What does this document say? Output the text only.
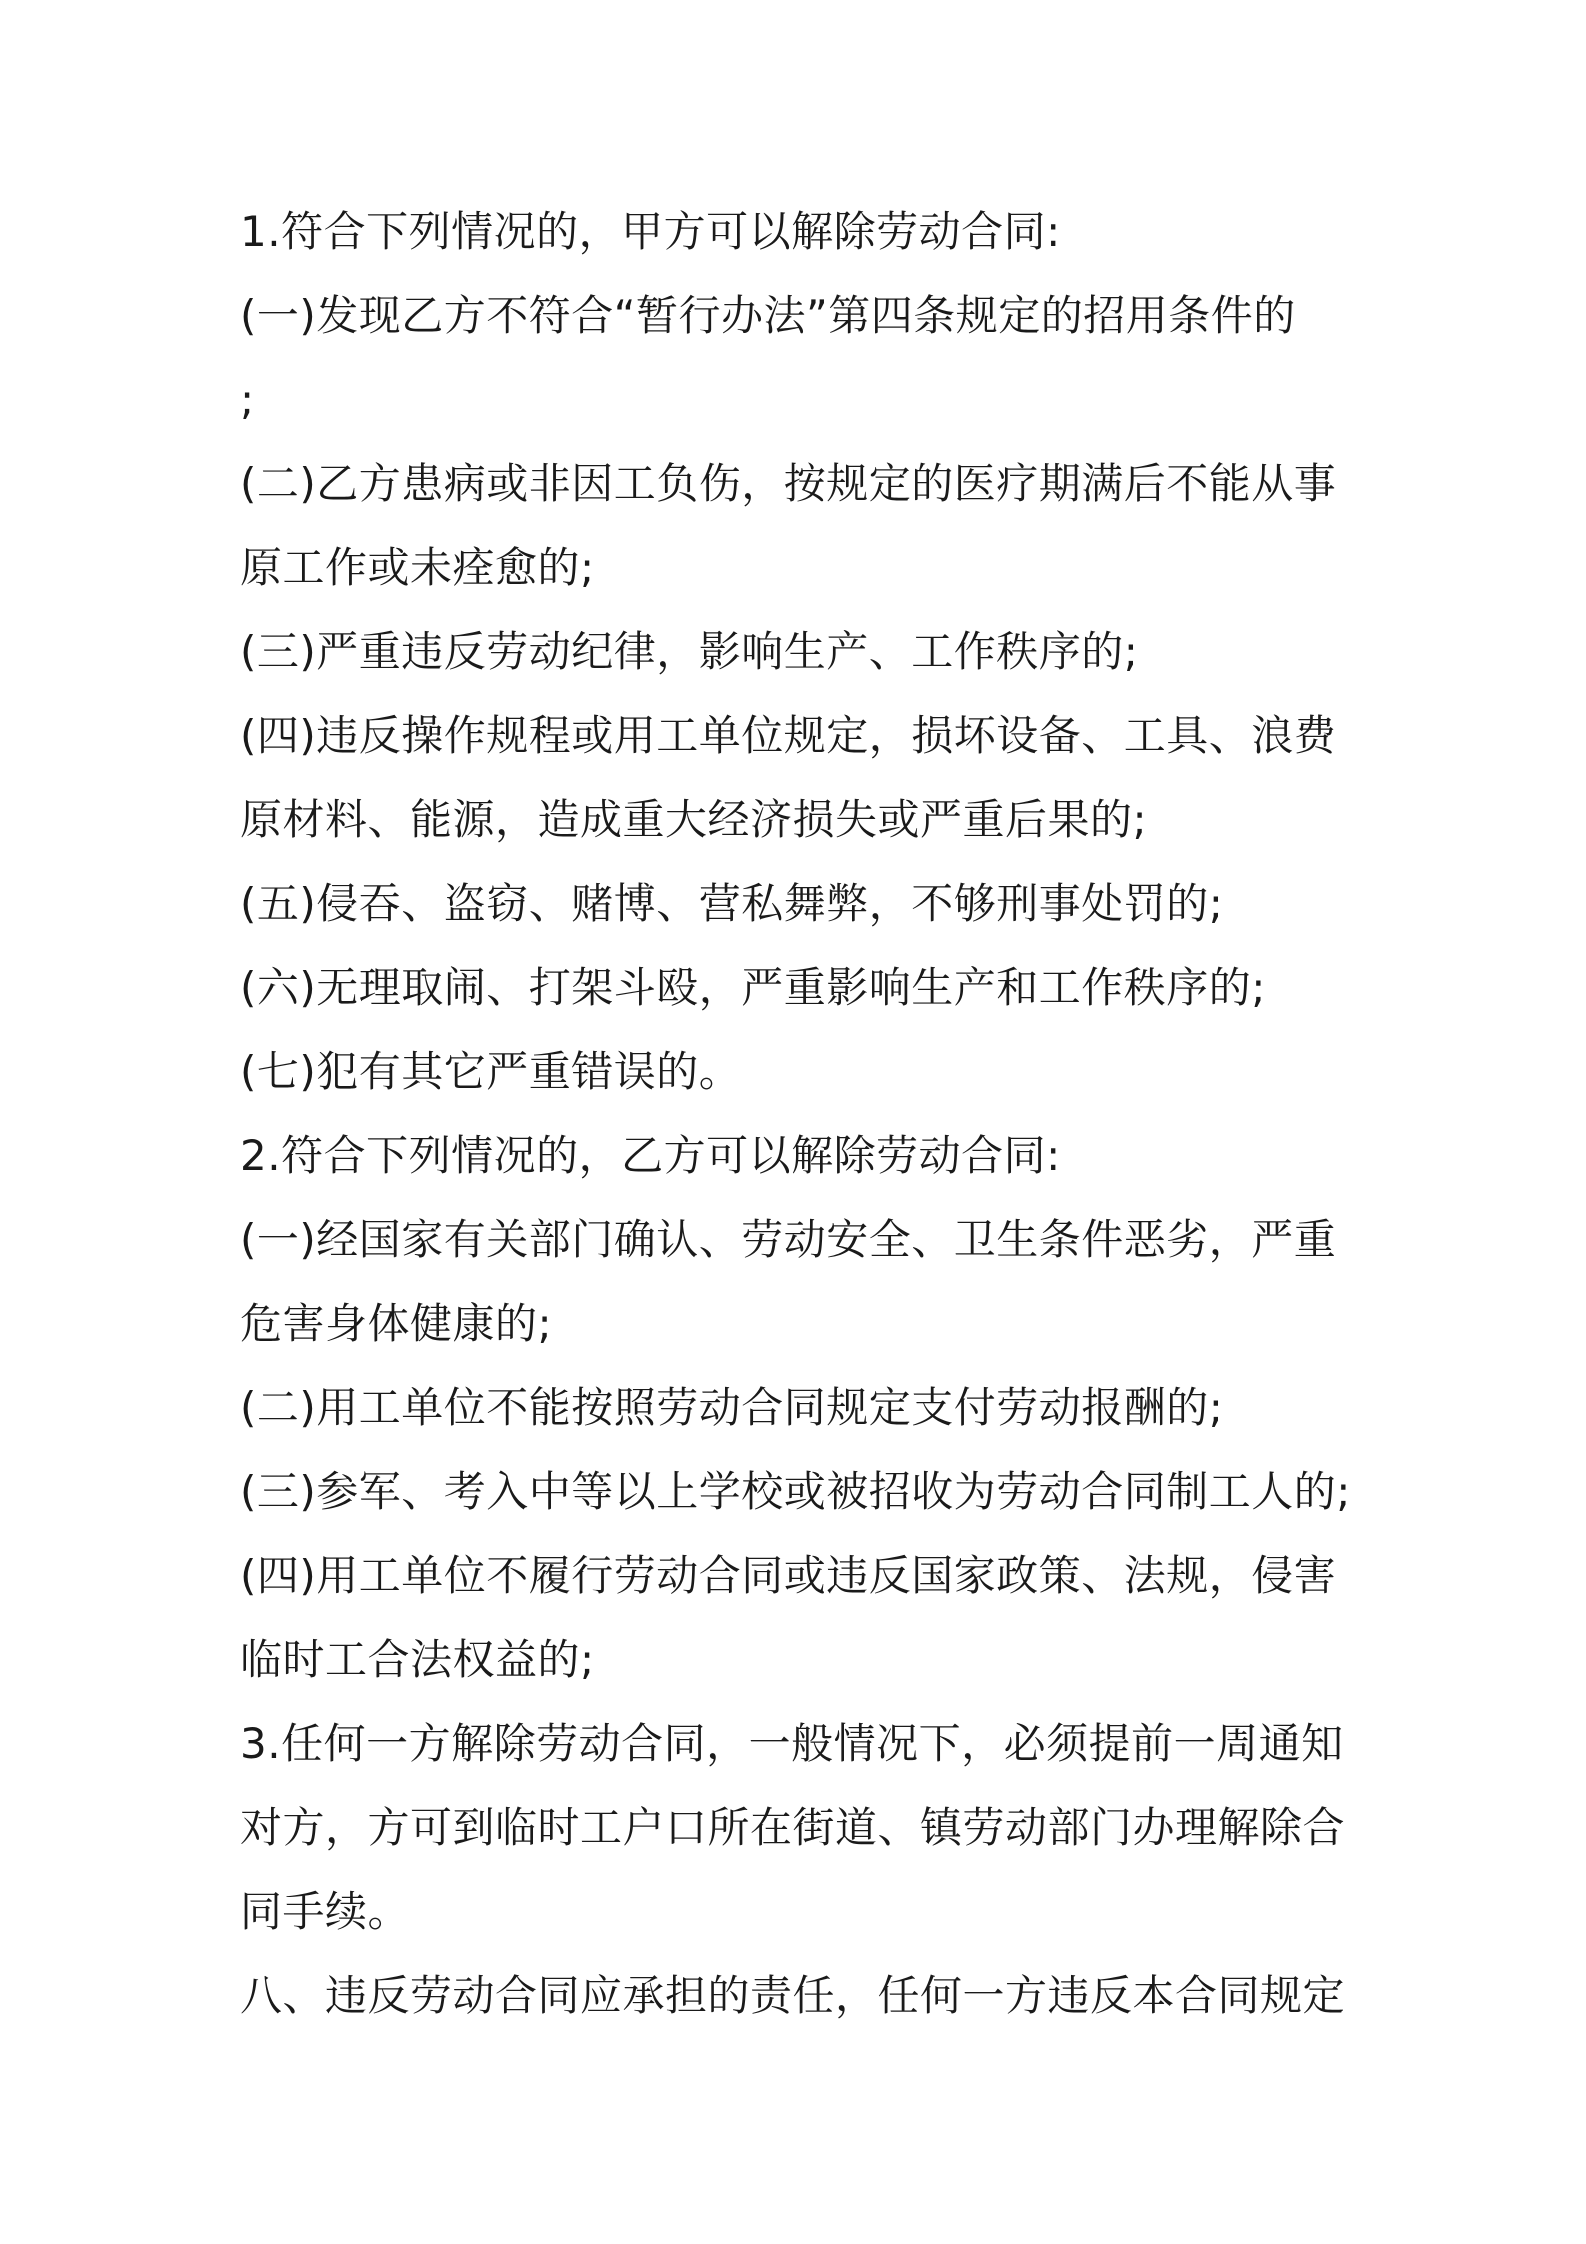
1.符合下列情况的，甲方可以解除劳动合同:
(一)发现乙方不符合“暂行办法”第四条规定的招用条件的
;
(二)乙方患病或非因工负伤，按规定的医疗期满后不能从事
原工作或未痊愈的;
(三)严重违反劳动纪律，影响生产、工作秩序的;
(四)违反操作规程或用工单位规定，损坏设备、工具、浪费
原材料、能源，造成重大经济损失或严重后果的;
(五)侵吞、盗窃、赌博、营私舞弊，不够刑事处罚的;
(六)无理取闹、打架斗殴，严重影响生产和工作秩序的;
(七)犯有其它严重错误的。
2.符合下列情况的，乙方可以解除劳动合同:
(一)经国家有关部门确认、劳动安全、卫生条件恶劣，严重
危害身体健康的;
(二)用工单位不能按照劳动合同规定支付劳动报酬的;
(三)参军、考入中等以上学校或被招收为劳动合同制工人的;
(四)用工单位不履行劳动合同或违反国家政策、法规，侵害
临时工合法权益的;
3.任何一方解除劳动合同，一般情况下，必须提前一周通知
对方，方可到临时工户口所在街道、镇劳动部门办理解除合
同手续。
八、违反劳动合同应承担的责任，任何一方违反本合同规定
